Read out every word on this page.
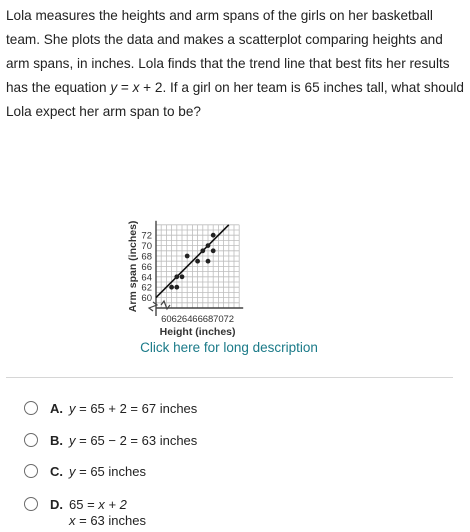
Lola measures the heights and arm spans of the girls on her basketball team. She plots the data and makes a scatterplot comparing heights and arm spans, in inches. Lola finds that the trend line that best fits her results has the equation y = x + 2. If a girl on her team is 65 inches tall, what should Lola expect her arm span to be?

60 62 64 66 68 70 72
60
62
64
66
68
70
72
Height (inches)
Arm span (inches)
Click here for long description
A. y = 65 + 2 = 67 inches
B. y = 65 − 2 = 63 inches
C. y = 65 inches
D. 65 = x + 2
x = 63 inches
